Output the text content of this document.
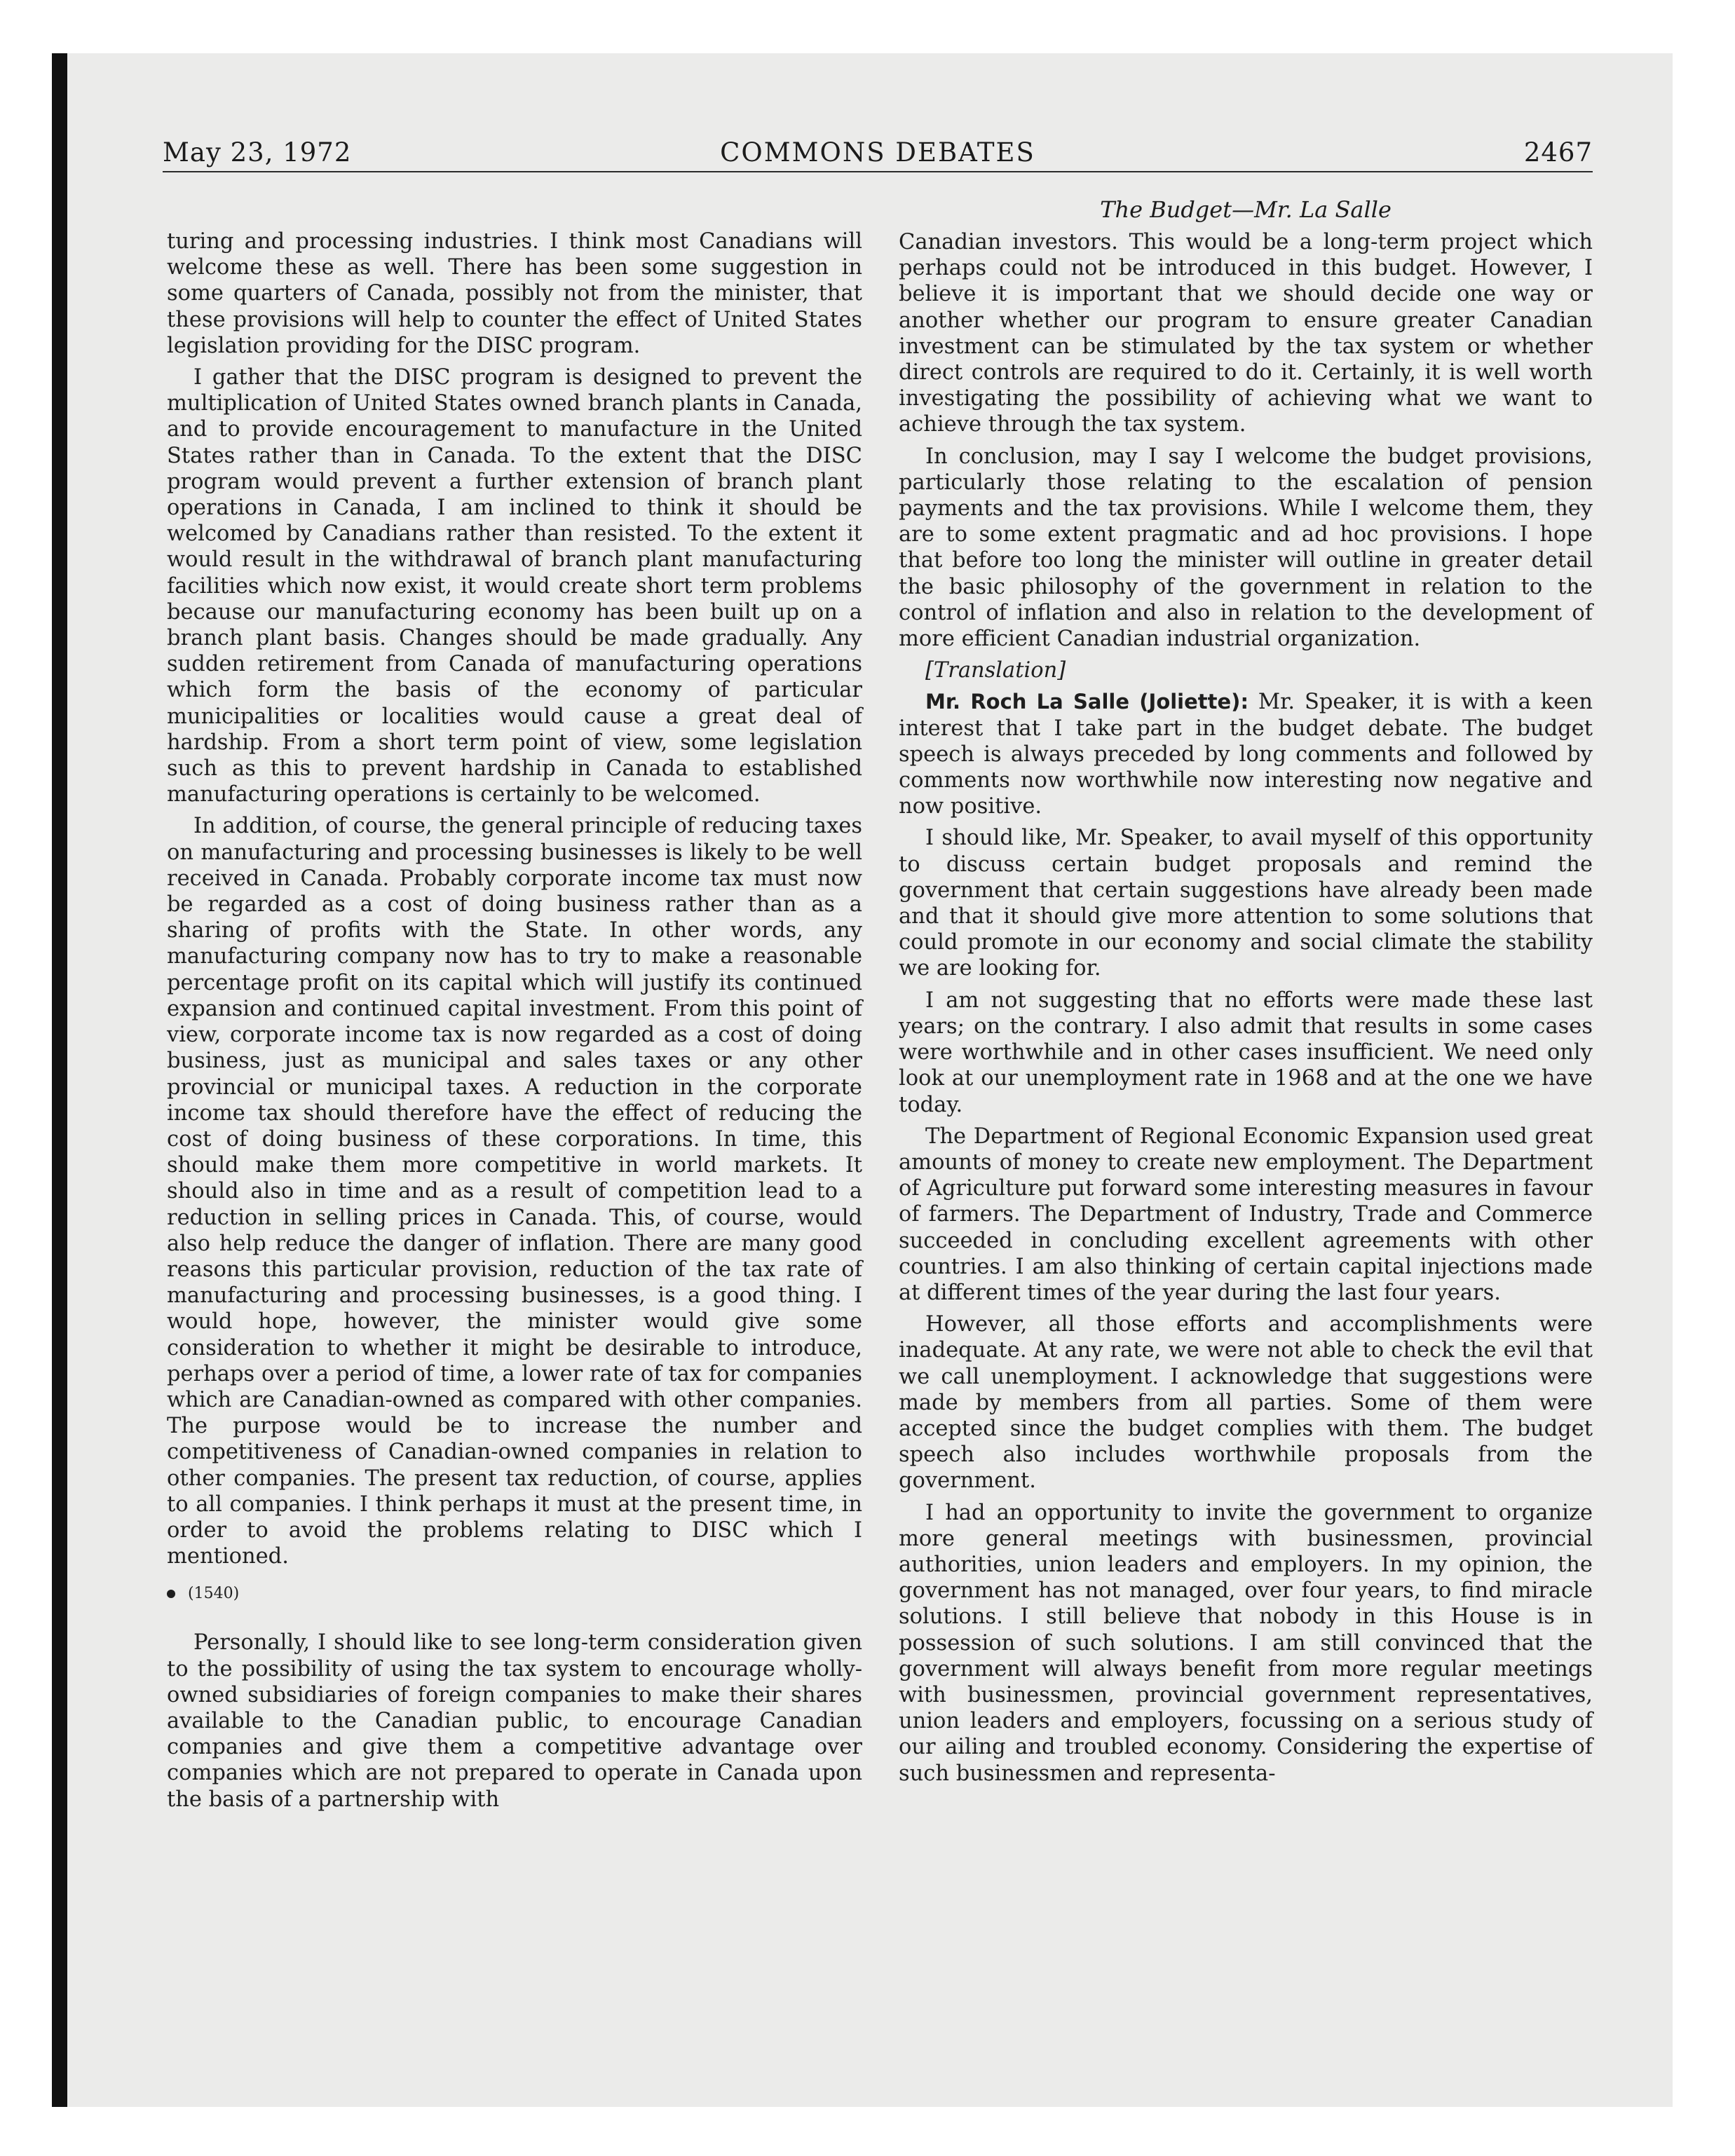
May 23, 1972	COMMONS DEBATES	2467
The Budget—Mr. La Salle

turing and processing industries. I think most Canadians will welcome these as well. There has been some suggestion in some quarters of Canada, possibly not from the minister, that these provisions will help to counter the effect of United States legislation providing for the DISC program.

I gather that the DISC program is designed to prevent the multiplication of United States owned branch plants in Canada, and to provide encouragement to manufacture in the United States rather than in Canada. To the extent that the DISC program would prevent a further extension of branch plant operations in Canada, I am inclined to think it should be welcomed by Canadians rather than resisted. To the extent it would result in the withdrawal of branch plant manufacturing facilities which now exist, it would create short term problems because our manufacturing economy has been built up on a branch plant basis. Changes should be made gradually. Any sudden retirement from Canada of manufacturing operations which form the basis of the economy of particular municipalities or localities would cause a great deal of hardship. From a short term point of view, some legislation such as this to prevent hardship in Canada to established manufacturing operations is certainly to be welcomed.

In addition, of course, the general principle of reducing taxes on manufacturing and processing businesses is likely to be well received in Canada. Probably corporate income tax must now be regarded as a cost of doing business rather than as a sharing of profits with the State. In other words, any manufacturing company now has to try to make a reasonable percentage profit on its capital which will justify its continued expansion and continued capital investment. From this point of view, corporate income tax is now regarded as a cost of doing business, just as municipal and sales taxes or any other provincial or municipal taxes. A reduction in the corporate income tax should therefore have the effect of reducing the cost of doing business of these corporations. In time, this should make them more competitive in world markets. It should also in time and as a result of competition lead to a reduction in selling prices in Canada. This, of course, would also help reduce the danger of inflation. There are many good reasons this particular provision, reduction of the tax rate of manufacturing and processing businesses, is a good thing. I would hope, however, the minister would give some consideration to whether it might be desirable to introduce, perhaps over a period of time, a lower rate of tax for companies which are Canadian-owned as compared with other companies. The purpose would be to increase the number and competitiveness of Canadian-owned companies in relation to other companies. The present tax reduction, of course, applies to all companies. I think perhaps it must at the present time, in order to avoid the problems relating to DISC which I mentioned.

(1540)

Personally, I should like to see long-term consideration given to the possibility of using the tax system to encourage wholly-owned subsidiaries of foreign companies to make their shares available to the Canadian public, to encourage Canadian companies and give them a competitive advantage over companies which are not prepared to operate in Canada upon the basis of a partnership with

Canadian investors. This would be a long-term project which perhaps could not be introduced in this budget. However, I believe it is important that we should decide one way or another whether our program to ensure greater Canadian investment can be stimulated by the tax system or whether direct controls are required to do it. Certainly, it is well worth investigating the possibility of achieving what we want to achieve through the tax system.

In conclusion, may I say I welcome the budget provisions, particularly those relating to the escalation of pension payments and the tax provisions. While I welcome them, they are to some extent pragmatic and ad hoc provisions. I hope that before too long the minister will outline in greater detail the basic philosophy of the government in relation to the control of inflation and also in relation to the development of more efficient Canadian industrial organization.

[Translation]

Mr. Roch La Salle (Joliette): Mr. Speaker, it is with a keen interest that I take part in the budget debate. The budget speech is always preceded by long comments and followed by comments now worthwhile now interesting now negative and now positive.

I should like, Mr. Speaker, to avail myself of this opportunity to discuss certain budget proposals and remind the government that certain suggestions have already been made and that it should give more attention to some solutions that could promote in our economy and social climate the stability we are looking for.

I am not suggesting that no efforts were made these last years; on the contrary. I also admit that results in some cases were worthwhile and in other cases insufficient. We need only look at our unemployment rate in 1968 and at the one we have today.

The Department of Regional Economic Expansion used great amounts of money to create new employment. The Department of Agriculture put forward some interesting measures in favour of farmers. The Department of Industry, Trade and Commerce succeeded in concluding excellent agreements with other countries. I am also thinking of certain capital injections made at different times of the year during the last four years.

However, all those efforts and accomplishments were inadequate. At any rate, we were not able to check the evil that we call unemployment. I acknowledge that suggestions were made by members from all parties. Some of them were accepted since the budget complies with them. The budget speech also includes worthwhile proposals from the government.

I had an opportunity to invite the government to organize more general meetings with businessmen, provincial authorities, union leaders and employers. In my opinion, the government has not managed, over four years, to find miracle solutions. I still believe that nobody in this House is in possession of such solutions. I am still convinced that the government will always benefit from more regular meetings with businessmen, provincial government representatives, union leaders and employers, focussing on a serious study of our ailing and troubled economy. Considering the expertise of such businessmen and representa-
